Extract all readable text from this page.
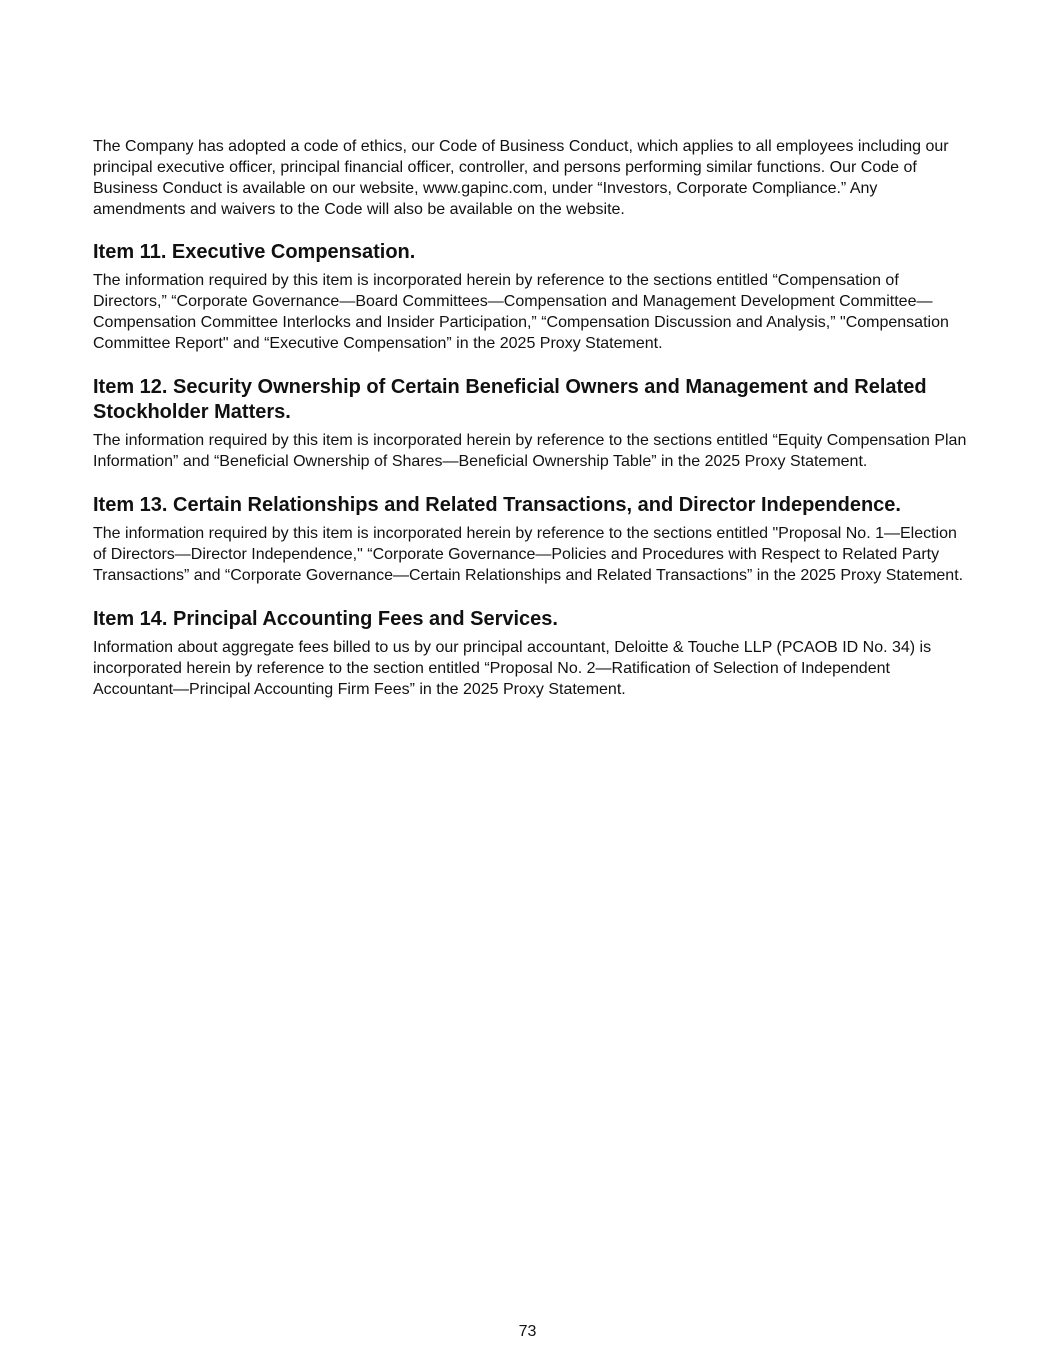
The Company has adopted a code of ethics, our Code of Business Conduct, which applies to all employees including our principal executive officer, principal financial officer, controller, and persons performing similar functions. Our Code of Business Conduct is available on our website, www.gapinc.com, under “Investors, Corporate Compliance.” Any amendments and waivers to the Code will also be available on the website.

Item 11. Executive Compensation.

The information required by this item is incorporated herein by reference to the sections entitled “Compensation of Directors,” “Corporate Governance—Board Committees—Compensation and Management Development Committee—Compensation Committee Interlocks and Insider Participation,” “Compensation Discussion and Analysis,” "Compensation Committee Report" and “Executive Compensation” in the 2025 Proxy Statement.

Item 12. Security Ownership of Certain Beneficial Owners and Management and Related Stockholder Matters.

The information required by this item is incorporated herein by reference to the sections entitled “Equity Compensation Plan Information” and “Beneficial Ownership of Shares—Beneficial Ownership Table” in the 2025 Proxy Statement.

Item 13. Certain Relationships and Related Transactions, and Director Independence.

The information required by this item is incorporated herein by reference to the sections entitled "Proposal No. 1—Election of Directors—Director Independence," “Corporate Governance—Policies and Procedures with Respect to Related Party Transactions” and “Corporate Governance—Certain Relationships and Related Transactions” in the 2025 Proxy Statement.

Item 14. Principal Accounting Fees and Services.

Information about aggregate fees billed to us by our principal accountant, Deloitte & Touche LLP (PCAOB ID No. 34) is incorporated herein by reference to the section entitled “Proposal No. 2—Ratification of Selection of Independent Accountant—Principal Accounting Firm Fees” in the 2025 Proxy Statement.

73
